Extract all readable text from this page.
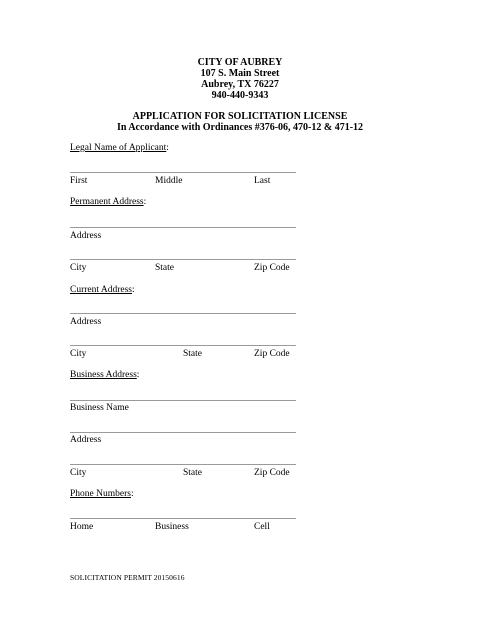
CITY OF AUBREY
107 S. Main Street
Aubrey, TX 76227
940-440-9343
APPLICATION FOR SOLICITATION LICENSE
In Accordance with Ordinances #376-06, 470-12 & 471-12
Legal Name of Applicant:
First	Middle	Last
Permanent Address:
Address
City	State	Zip Code
Current Address:
Address
City	State	Zip Code
Business Address:
Business Name
Address
City	State	Zip Code
Phone Numbers:
Home	Business	Cell
SOLICITATION PERMIT 20150616
